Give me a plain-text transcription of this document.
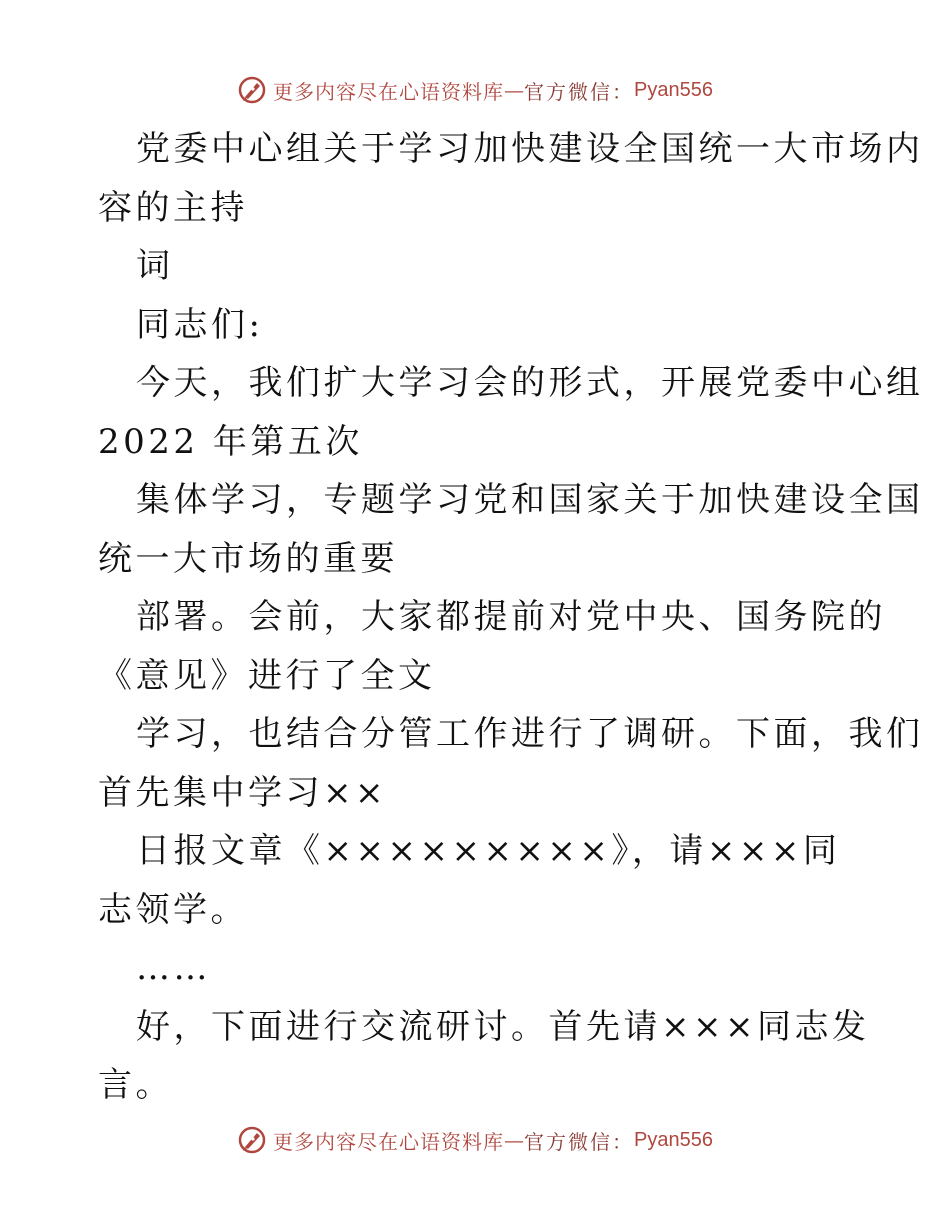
更多内容尽在心语资料库 — 官方微信： Pyan556
党委中心组关于学习加快建设全国统一大市场内
容的主持
词
同志们:
今天，我们扩大学习会的形式，开展党委中心组
2022 年第五次
集体学习，专题学习党和国家关于加快建设全国
统一大市场的重要
部署。会前，大家都提前对党中央、国务院的
《意见》进行了全文
学习，也结合分管工作进行了调研。下面，我们
首先集中学习××
日报文章《×××××××××》，请×××同
志领学。
……
好，下面进行交流研讨。首先请×××同志发
言。
更多内容尽在心语资料库 — 官方微信： Pyan556
